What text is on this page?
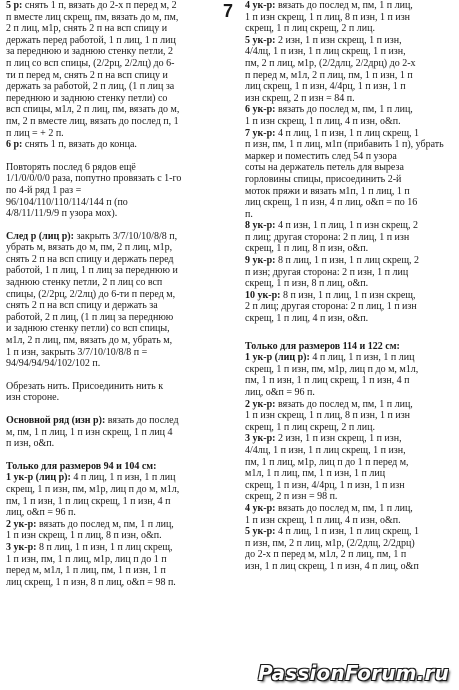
5 р: снять 1 п, вязать до 2-х п перед м, 2

п вместе лиц скрещ, пм, вязать до м, пм,

2 п лиц, м1р, снять 2 п на всп спицу и

держать перед работой, 1 п лиц, 1 п лиц

за переднюю и заднюю стенку петли, 2

п лиц со всп спицы, (2/2рц, 2/2лц) до 6-

ти п перед м, снять 2 п на всп спицу и

держать за работой, 2 п лиц, (1 п лиц за

переднюю и заднюю стенку петли) со

всп спицы, м1л, 2 п лиц, пм, вязать до м,

пм, 2 п вместе лиц, вязать до послед п, 1

п лиц = + 2 п.

6 р: снять 1 п, вязать до конца.

Повторять послед 6 рядов ещё

1/1/0/0/0/0 раза, попутно провязать с 1-го

по 4-й ряд 1 раз =

96/104/110/110/114/144 п (по

4/8/11/11/9/9 п узора мох).

След р (лиц р): закрыть 3/7/10/10/8/8 п,

убрать м, вязать до м, пм, 2 п лиц, м1р,

снять 2 п на всп спицу и держать перед

работой, 1 п лиц, 1 п лиц за переднюю и

заднюю стенку петли, 2 п лиц со всп

спицы, (2/2рц, 2/2лц) до 6-ти п перед м,

снять 2 п на всп спицу и держать за

работой, 2 п лиц, (1 п лиц за переднюю

и заднюю стенку петли) со всп спицы,

м1л, 2 п лиц, пм, вязать до м, убрать м,

1 п изн, закрыть 3/7/10/10/8/8 п =

94/94/94/94/102/102 п.

Обрезать нить. Присоединить нить к

изн стороне.

Основной ряд (изн р): вязать до послед

м, пм, 1 п лиц, 1 п изн скрещ, 1 п лиц 4

п изн, о&п.

Только для размеров 94 и 104 см:

1 ук-р (лиц р): 4 п лиц, 1 п изн, 1 п лиц

скрещ, 1 п изн, пм, м1р, лиц п до м, м1л,

пм, 1 п изн, 1 п лиц скрещ, 1 п изн, 4 п

лиц, о&п = 96 п.

2 ук-р: вязать до послед м, пм, 1 п лиц,

1 п изн скрещ, 1 п лиц, 8 п изн, о&п.

3 ук-р: 8 п лиц, 1 п изн, 1 п лиц скрещ,

1 п изн, пм, 1 п лиц, м1р, лиц п до 1 п

перед м, м1л, 1 п лиц, пм, 1 п изн, 1 п

лиц скрещ, 1 п изн, 8 п лиц, о&п = 98 п.

7 4 ук-р: вязать до послед м, пм, 1 п лиц,

1 п изн скрещ, 1 п лиц, 8 п изн, 1 п изн

скрещ, 1 п лиц скрещ, 2 п лиц.

5 ук-р: 2 изн, 1 п изн скрещ, 1 п изн,

4/4лц, 1 п изн, 1 п лиц скрещ, 1 п изн,

пм, 2 п лиц, м1р, (2/2длц, 2/2дрц) до 2-х

п перед м, м1л, 2 п лиц, пм, 1 п изн, 1 п

лиц скрещ, 1 п изн, 4/4рц, 1 п изн, 1 п

изн скрещ, 2 п изн = 84 п.

6 ук-р: вязать до послед м, пм, 1 п лиц,

1 п изн скрещ, 1 п лиц, 4 п изн, о&п.

7 ук-р: 4 п лиц, 1 п изн, 1 п лиц скрещ, 1

п изн, пм, 1 п лиц, м1п (прибавить 1 п), убрать

маркер и поместить след 54 п узора

соты на держатель петель для выреза

горловины спицы, присоединить 2-й

моток пряжи и вязать м1п, 1 п лиц, 1 п

лиц скрещ, 1 п изн, 4 п лиц, о&п = по 16

п.

8 ук-р: 4 п изн, 1 п лиц, 1 п изн скрещ, 2

п лиц; другая сторона: 2 п лиц, 1 п изн

скрещ, 1 п лиц, 8 п изн, о&п.

9 ук-р: 8 п лиц, 1 п изн, 1 п лиц скрещ, 2

п изн; другая сторона: 2 п изн, 1 п лиц

скрещ, 1 п изн, 8 п лиц, о&п.

10 ук-р: 8 п изн, 1 п лиц, 1 п изн скрещ,

2 п лиц; другая сторона: 2 п лиц, 1 п изн

скрещ, 1 п лиц, 4 п изн, о&п.

Только для размеров 114 и 122 см:

1 ук-р (лиц р): 4 п лиц, 1 п изн, 1 п лиц

скрещ, 1 п изн, пм, м1р, лиц п до м, м1л,

пм, 1 п изн, 1 п лиц скрещ, 1 п изн, 4 п

лиц, о&п = 96 п.

2 ук-р: вязать до послед м, пм, 1 п лиц,

1 п изн скрещ, 1 п лиц, 8 п изн, 1 п изн

скрещ, 1 п лиц скрещ, 2 п лиц.

3 ук-р: 2 изн, 1 п изн скрещ, 1 п изн,

4/4лц, 1 п изн, 1 п лиц скрещ, 1 п изн,

пм, 1 п лиц, м1р, лиц п до 1 п перед м,

м1л, 1 п лиц, пм, 1 п изн, 1 п лиц

скрещ, 1 п изн, 4/4рц, 1 п изн, 1 п изн

скрещ, 2 п изн = 98 п.

4 ук-р: вязать до послед м, пм, 1 п лиц,

1 п изн скрещ, 1 п лиц, 4 п изн, о&п.

5 ук-р: 4 п лиц, 1 п изн, 1 п лиц скрещ, 1

п изн, пм, 2 п лиц, м1р, (2/2длц, 2/2дрц)

до 2-х п перед м, м1л, 2 п лиц, пм, 1 п

изн, 1 п лиц скрещ, 1 п изн, 4 п лиц, о&п

PassionForum.ru
